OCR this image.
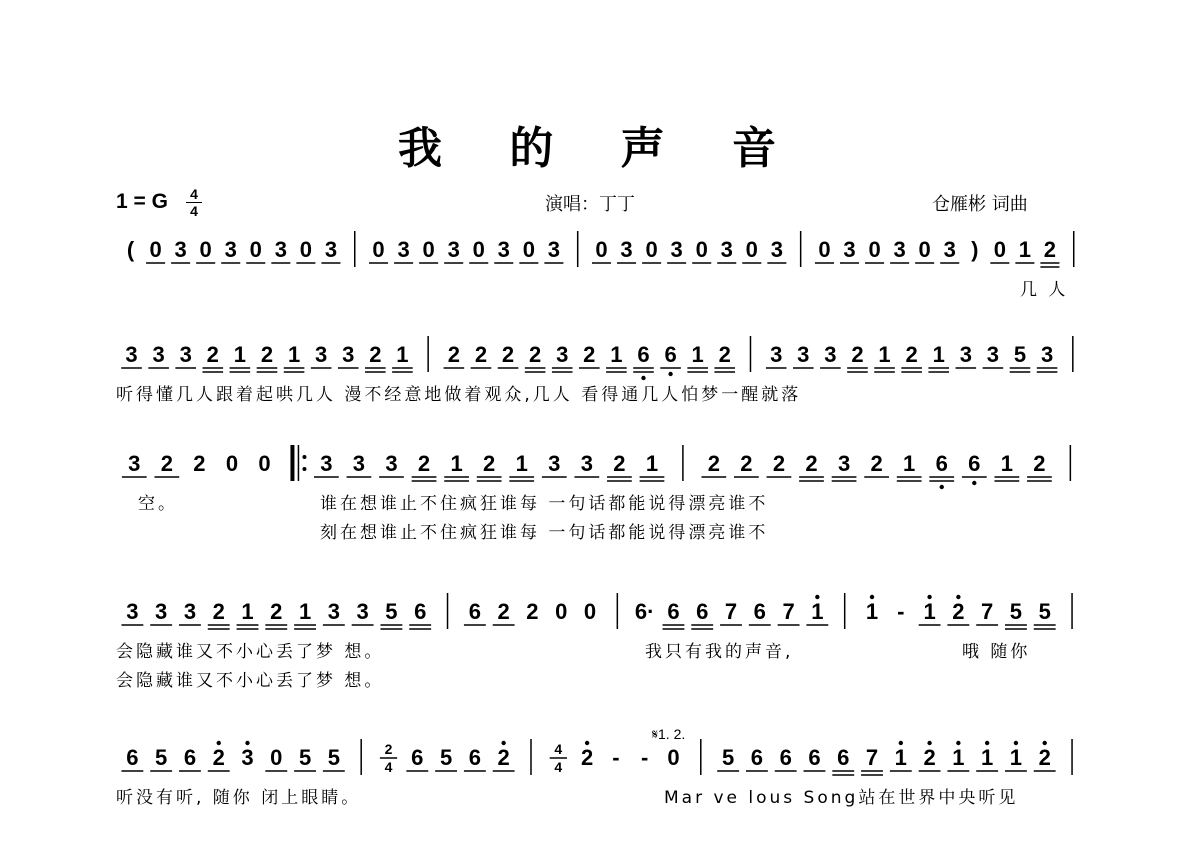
我 的 声 音
1 = G 4
4	演唱：丁丁	仓雁彬 词曲
( 0 3 0 3 0 3 0 3 0 3 0 3 0 3 0 3 0 3 0 3 0 3 0 3 0 3 0 3 0 3 ) 0 1 2
几 人
3 3 3 2 1 2 1 3 3 2 1 2 2 2 2 3 2 1 6 6 1 2 3 3 3 2 1 2 1 3 3 5 3
听得懂几人跟着起哄几人 漫不经意地做着观众,几人 看得通几人怕梦一醒就落
3 2 2 0 0 3 3 3 2 1 2 1 3 3 2 1 2 2 2 2 3 2 1 6 6 1 2
空。	谁在想谁止不住疯狂谁每 一句话都能说得漂亮谁不
刻在想谁止不住疯狂谁每 一句话都能说得漂亮谁不
3 3 3 2 1 2 1 3 3 5 6 6 2 2 0 0 6· 6 6 7 6 7 1 1 - 1 2 7 5 5
会隐藏谁又不小心丢了梦 想。	我只有我的声音,	哦 随你
会隐藏谁又不小心丢了梦 想。
6 5 6 2 3 0 5 5	2
4 6 5 6 2	4
4 2 - - 0 5 6 6 6 6 7 1 2 1 1 1 2
听没有听, 随你 闭上眼睛。	Mar ve lous Song站在世界中央听见
𝄋1. 2.
